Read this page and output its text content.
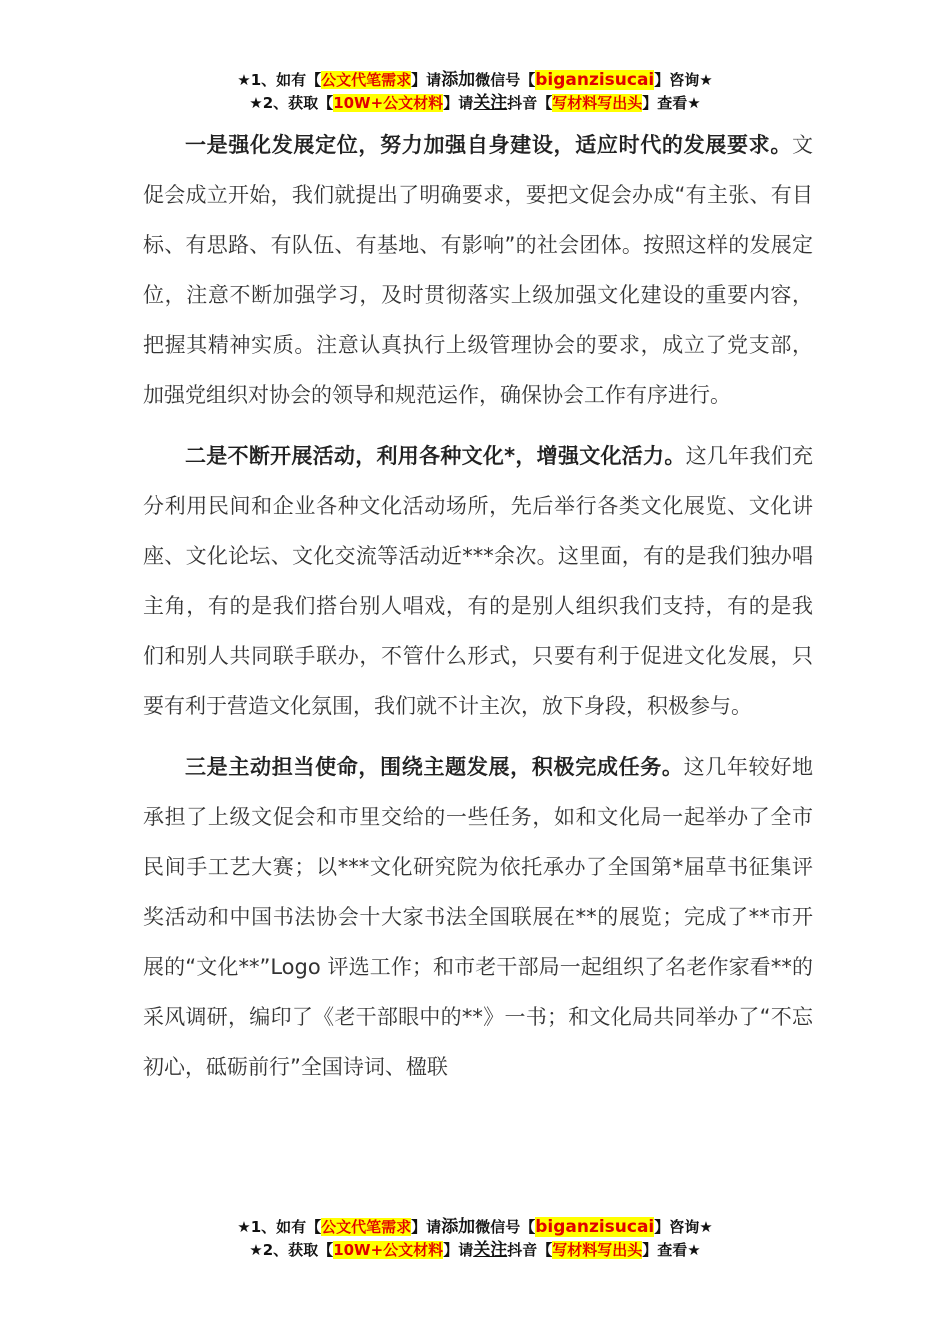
★1、如有【公文代笔需求】请添加微信号【biganzisucai】咨询★
★2、获取【10W+公文材料】请关注抖音【写材料写出头】查看★

一是强化发展定位，努力加强自身建设，适应时代的发展要求。文促会成立开始，我们就提出了明确要求，要把文促会办成“有主张、有目标、有思路、有队伍、有基地、有影响”的社会团体。按照这样的发展定位，注意不断加强学习，及时贯彻落实上级加强文化建设的重要内容，把握其精神实质。注意认真执行上级管理协会的要求，成立了党支部，加强党组织对协会的领导和规范运作，确保协会工作有序进行。

二是不断开展活动，利用各种文化*，增强文化活力。这几年我们充分利用民间和企业各种文化活动场所，先后举行各类文化展览、文化讲座、文化论坛、文化交流等活动近***余次。这里面，有的是我们独办唱主角，有的是我们搭台别人唱戏，有的是别人组织我们支持，有的是我们和别人共同联手联办，不管什么形式，只要有利于促进文化发展，只要有利于营造文化氛围，我们就不计主次，放下身段，积极参与。

三是主动担当使命，围绕主题发展，积极完成任务。这几年较好地承担了上级文促会和市里交给的一些任务，如和文化局一起举办了全市民间手工艺大赛；以***文化研究院为依托承办了全国第*届草书征集评奖活动和中国书法协会十大家书法全国联展在**的展览；完成了**市开展的“文化**”Logo 评选工作；和市老干部局一起组织了名老作家看**的采风调研，编印了《老干部眼中的**》一书；和文化局共同举办了“不忘初心，砥砺前行”全国诗词、楹联

★1、如有【公文代笔需求】请添加微信号【biganzisucai】咨询★
★2、获取【10W+公文材料】请关注抖音【写材料写出头】查看★
